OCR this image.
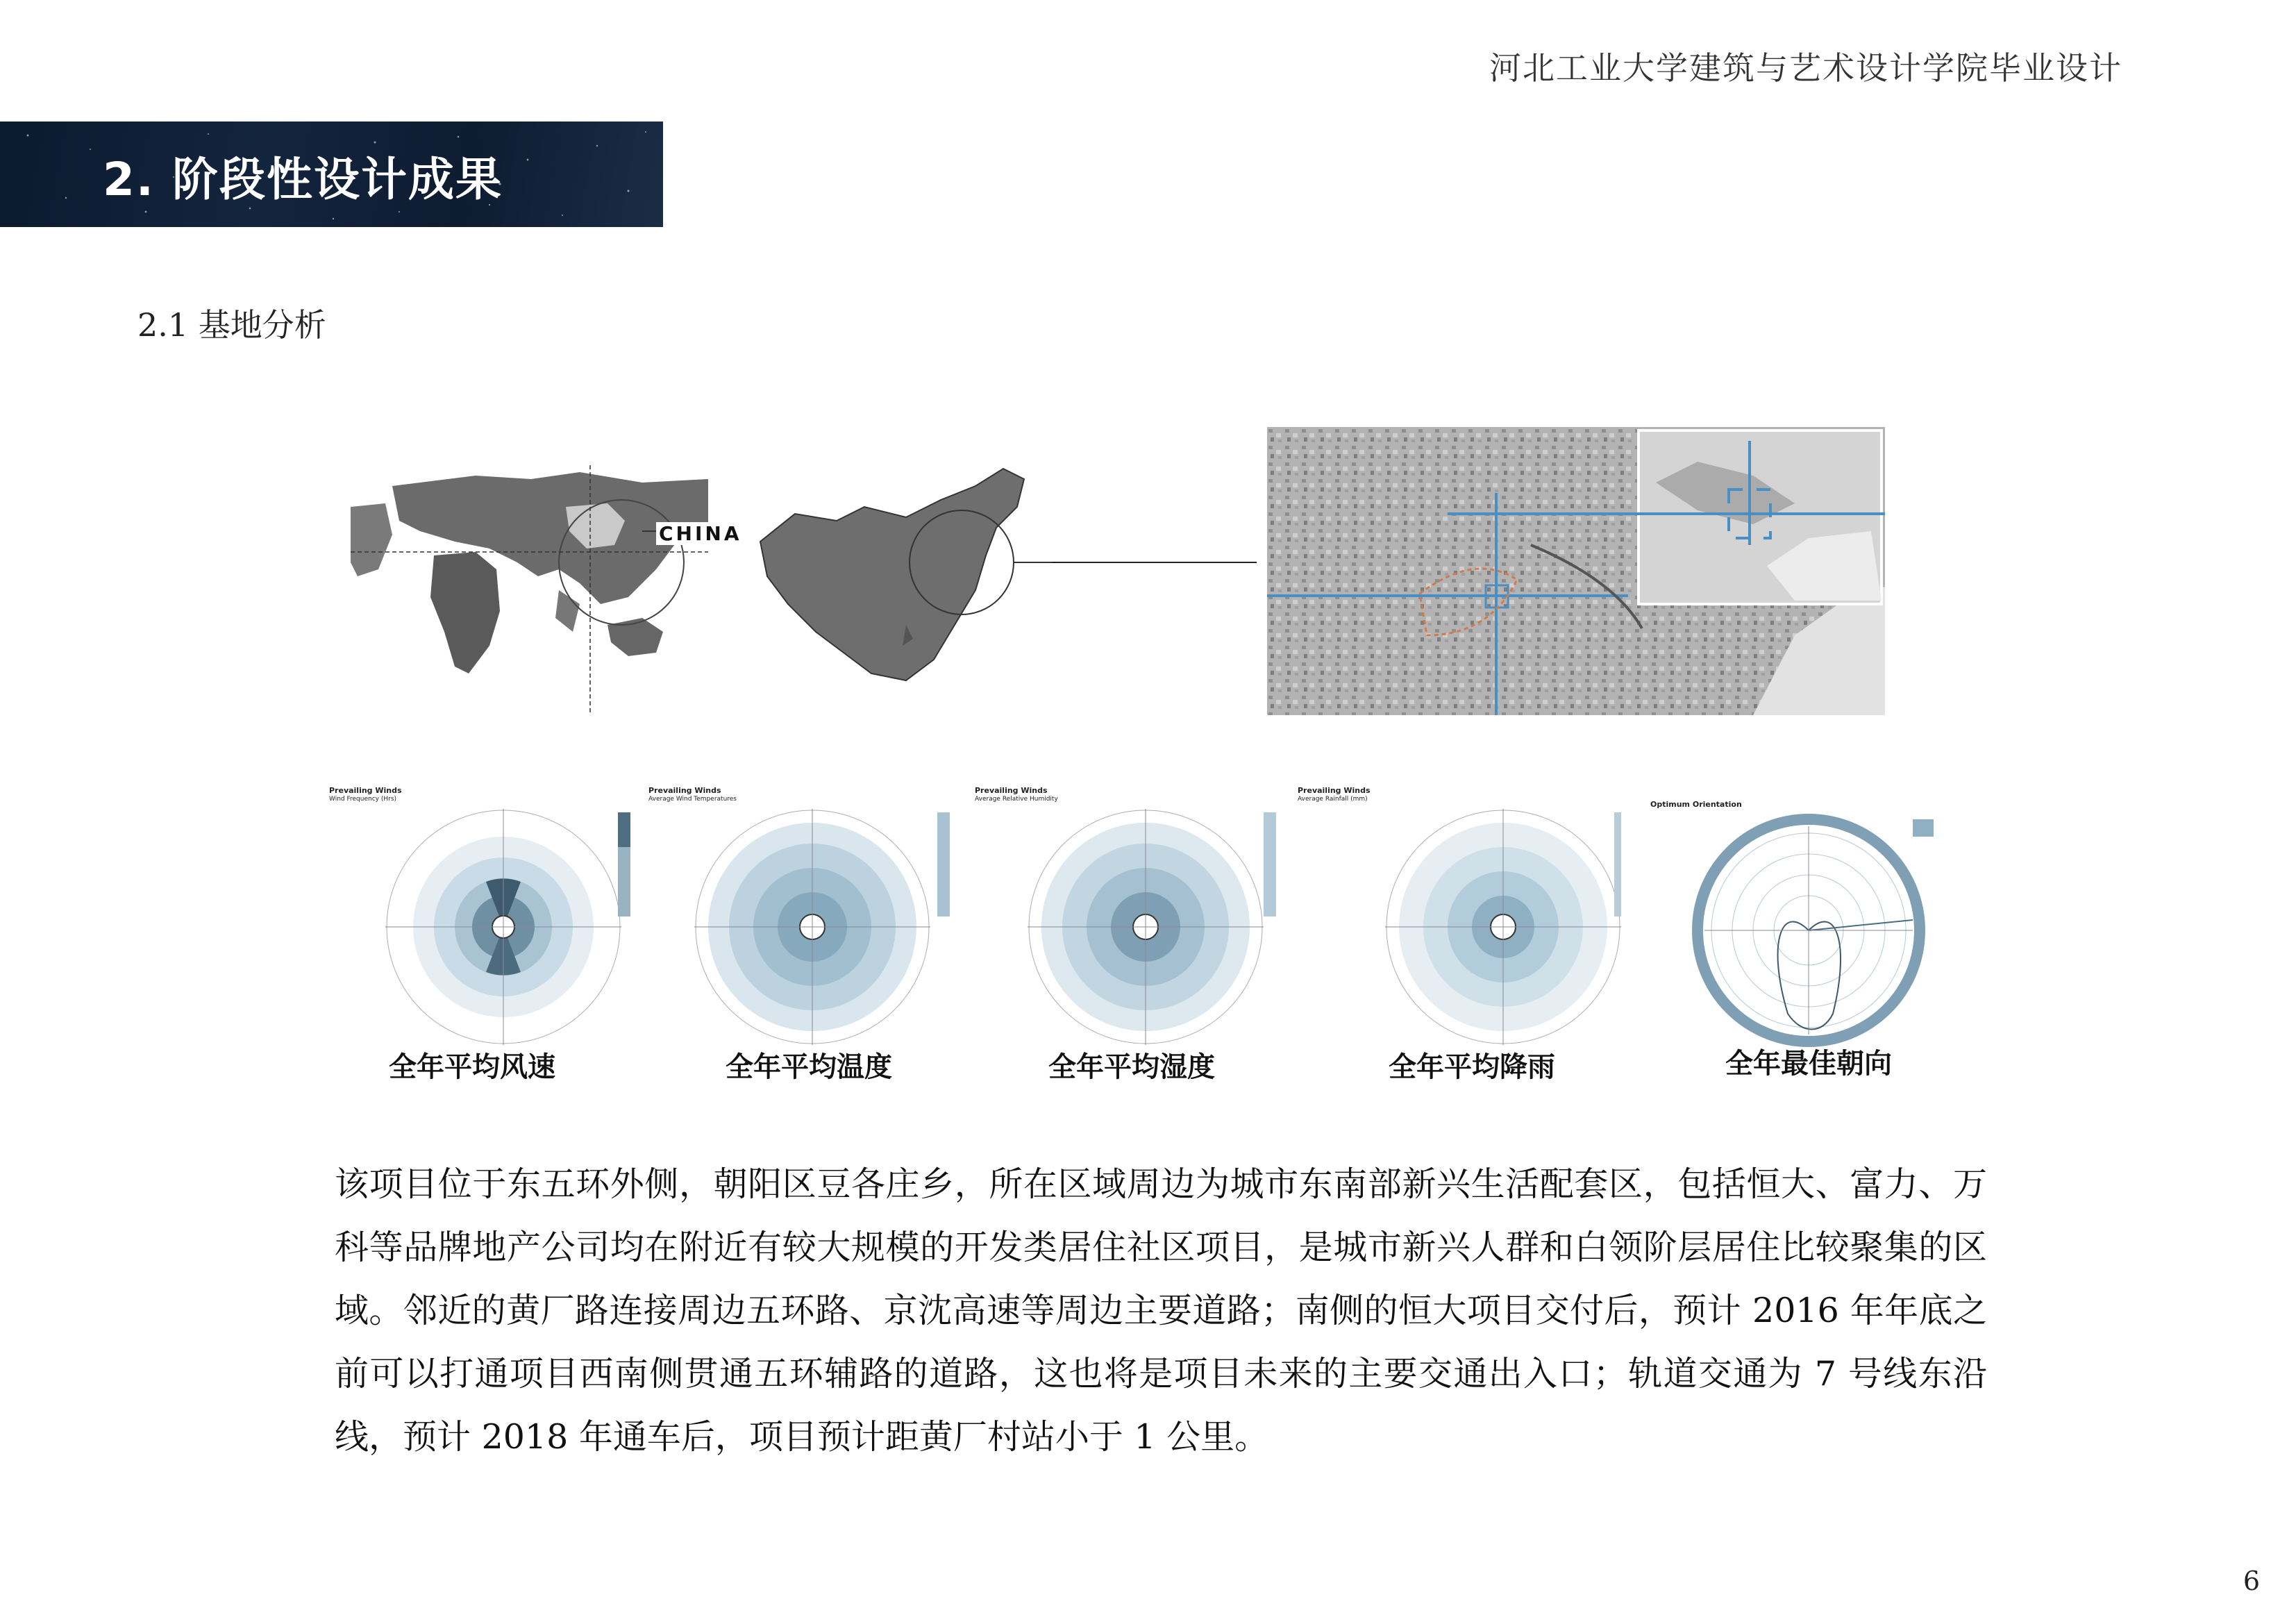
河北工业大学建筑与艺术设计学院毕业设计
2. 阶段性设计成果
2.1 基地分析
CHINA
Prevailing Winds
Wind Frequency (Hrs)
全年平均风速
Prevailing Winds
Average Wind Temperatures
全年平均温度
Prevailing Winds
Average Relative Humidity
全年平均湿度
Prevailing Winds
Average Rainfall (mm)
全年平均降雨
Optimum Orientation
全年最佳朝向
该项目位于东五环外侧，朝阳区豆各庄乡，所在区域周边为城市东南部新兴生活配套区，包括恒大、富力、万科等品牌地产公司均在附近有较大规模的开发类居住社区项目，是城市新兴人群和白领阶层居住比较聚集的区域。邻近的黄厂路连接周边五环路、京沈高速等周边主要道路；南侧的恒大项目交付后，预计 2016 年年底之前可以打通项目西南侧贯通五环辅路的道路，这也将是项目未来的主要交通出入口；轨道交通为 7 号线东沿线，预计 2018 年通车后，项目预计距黄厂村站小于 1 公里。
6
